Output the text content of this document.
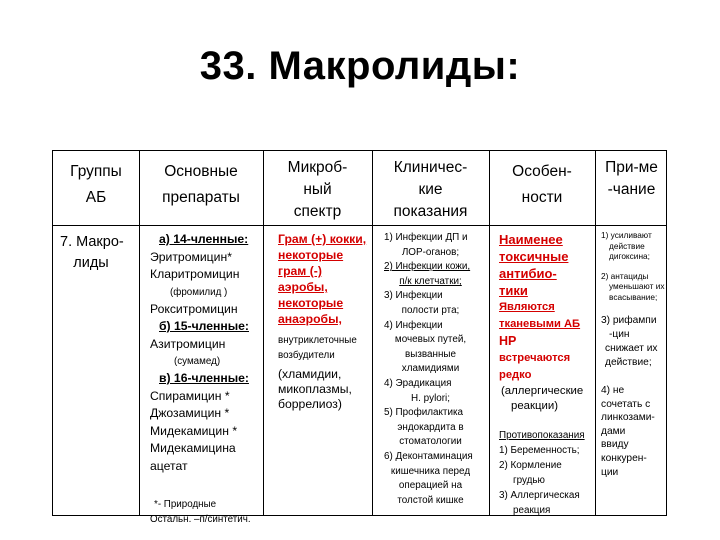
33. Макролиды:
Группы
АБ
Основные
препараты
Микроб-
ный
спектр
Клиничес-
кие
показания
Особен-
ности
При-ме
-чание
7. Макро-
лиды
а) 14-членные:
Эритромицин*
Кларитромицин
(фромилид )
Рокситромицин
б) 15-членные:
Азитромицин
(сумамед)
в) 16-членные:
Спирамицин *
Джозамицин *
Мидекамицин *
Мидекамицина
ацетат
*- Природные
Остальн. –п/синтетич.
Грам (+) кокки,
некоторые
грам (-)
аэробы,
некоторые
анаэробы,
внутриклеточные
возбудители
(хламидии,
микоплазмы,
боррелиоз)
1) Инфекции ДП и
ЛОР-оганов;
2) Инфекции кожи,
п/к клетчатки;
3) Инфекции
полости рта;
4) Инфекции
мочевых путей,
вызванные
хламидиями
4) Эрадикация
H. pylori;
5) Профилактика
эндокардита в
стоматологии
6) Деконтаминация
кишечника перед
операцией на
толстой кишке
Наименее
токсичные
антибио-
тики
Являются
тканевыми АБ
НР
встречаются
редко
(аллергические
реакции)
Противопоказания
1) Беременность;
2) Кормление
грудью
3) Аллергическая
реакция
1) усиливают
действие
дигоксина;
2) антациды
уменьшают их
всасывание;
3) рифампи
-цин
снижает их
действие;
4) не
сочетать с
линкозами-
дами
ввиду
конкурен-
ции
